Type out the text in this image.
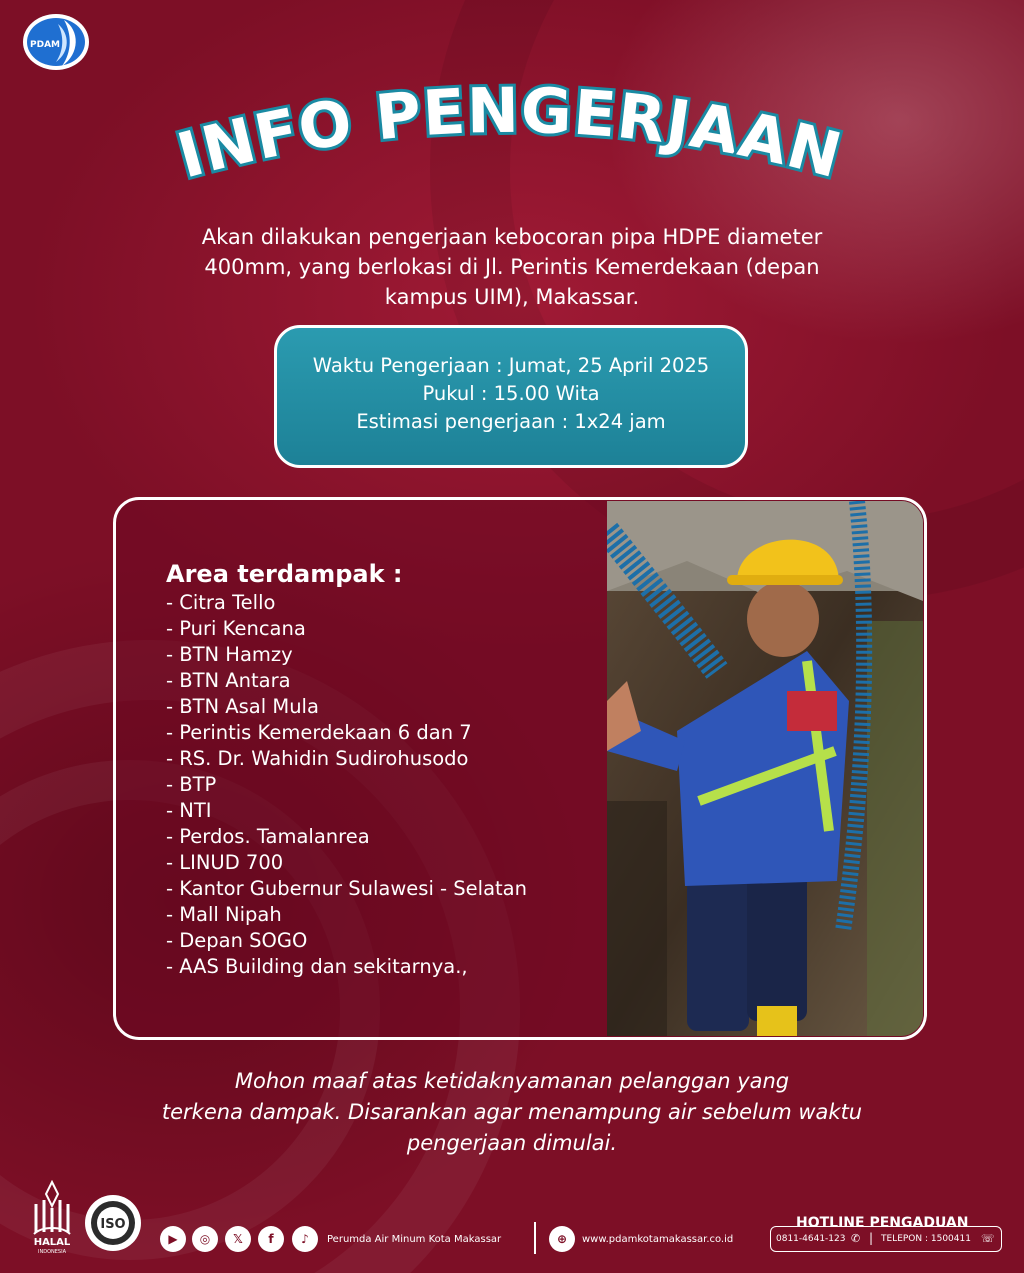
PDAM
INFO PENGERJAAN
Akan dilakukan pengerjaan kebocoran pipa HDPE diameter
400mm, yang berlokasi di Jl. Perintis Kemerdekaan (depan
kampus UIM), Makassar.
Waktu Pengerjaan : Jumat, 25 April 2025
Pukul : 15.00 Wita
Estimasi pengerjaan : 1x24 jam
Area terdampak :
- Citra Tello
- Puri Kencana
- BTN Hamzy
- BTN Antara
- BTN Asal Mula
- Perintis Kemerdekaan 6 dan 7
- RS. Dr. Wahidin Sudirohusodo
- BTP
- NTI
- Perdos. Tamalanrea
- LINUD 700
- Kantor Gubernur Sulawesi - Selatan
- Mall Nipah
- Depan SOGO
- AAS Building dan sekitarnya.,
Mohon maaf atas ketidaknyamanan pelanggan yang
terkena dampak. Disarankan agar menampung air sebelum waktu
pengerjaan dimulai.
HALAL
INDONESIA
ISO
▶	◎	𝕏	f	♪	Perumda Air Minum Kota Makassar	⊕	www.pdamkotamakassar.co.id
HOTLINE PENGADUAN
0811-4641-123 ✆ | TELEPON : 1500411 ☏
